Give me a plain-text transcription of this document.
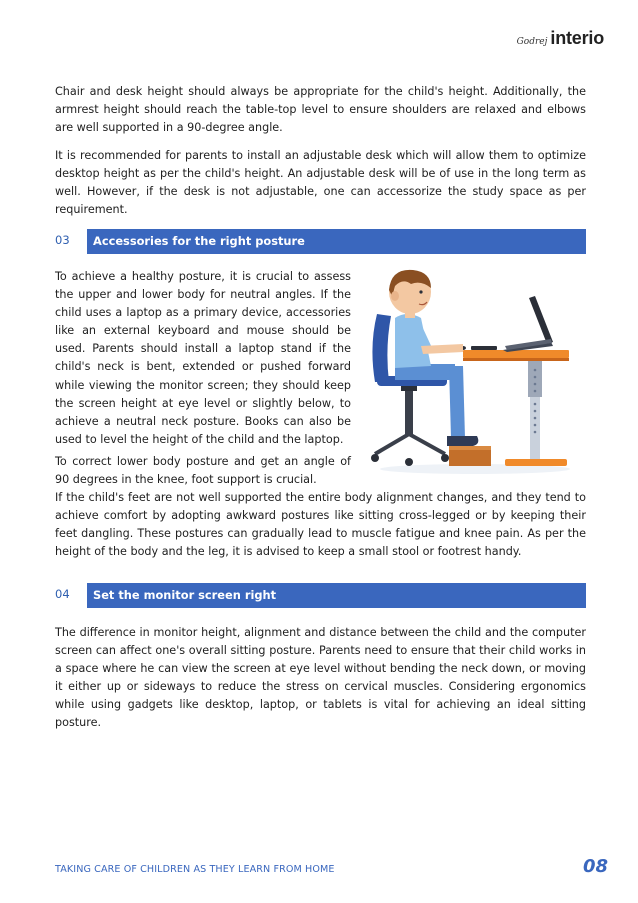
Godrej interio

Chair and desk height should always be appropriate for the child's height. Additionally, the armrest height should reach the table-top level to ensure shoulders are relaxed and elbows are well supported in a 90-degree angle.

It is recommended for parents to install an adjustable desk which will allow them to optimize desktop height as per the child's height. An adjustable desk will be of use in the long term as well. However, if the desk is not adjustable, one can accessorize the study space as per requirement.

03	Accessories for the right posture

To achieve a healthy posture, it is crucial to assess the upper and lower body for neutral angles. If the child uses a laptop as a primary device, accessories like an external keyboard and mouse should be used. Parents should install a laptop stand if the child's neck is bent, extended or pushed forward while viewing the monitor screen; they should keep the screen height at eye level or slightly below, to achieve a neutral neck posture. Books can also be used to level the height of the child and the laptop.

To correct lower body posture and get an angle of 90 degrees in the knee, foot support is crucial.

If the child's feet are not well supported the entire body alignment changes, and they tend to achieve comfort by adopting awkward postures like sitting cross-legged or by keeping their feet dangling. These postures can gradually lead to muscle fatigue and knee pain. As per the height of the body and the leg, it is advised to keep a small stool or footrest handy.

04	Set the monitor screen right

The difference in monitor height, alignment and distance between the child and the computer screen can affect one's overall sitting posture. Parents need to ensure that their child works in a space where he can view the screen at eye level without bending the neck down, or moving it either up or sideways to reduce the stress on cervical muscles. Considering ergonomics while using gadgets like desktop, laptop, or tablets is vital for achieving an ideal sitting posture.

TAKING CARE OF CHILDREN AS THEY LEARN FROM HOME	08
